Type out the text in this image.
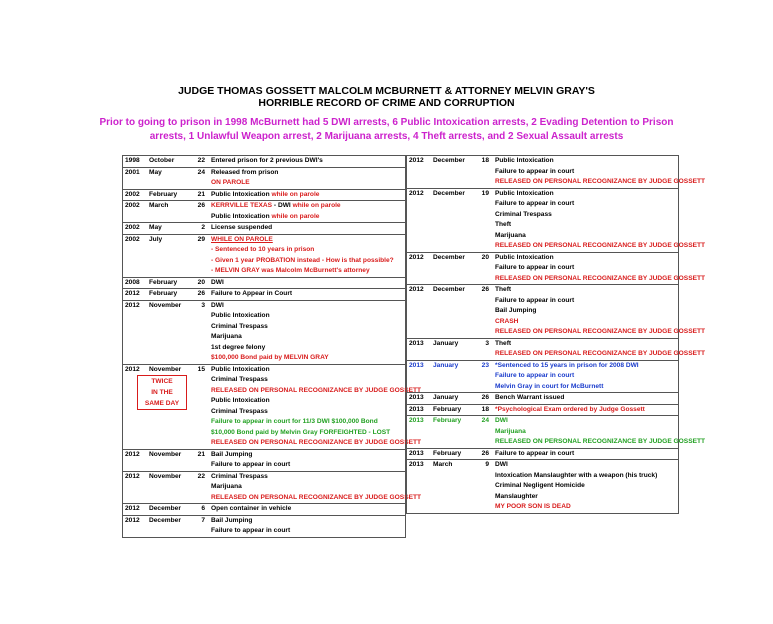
JUDGE THOMAS GOSSETT MALCOLM MCBURNETT & ATTORNEY MELVIN GRAY'S
HORRIBLE RECORD OF CRIME AND CORRUPTION
Prior to going to prison in 1998 McBurnett had 5 DWI arrests, 6 Public Intoxication arrests, 2 Evading Detention to Prison
arrests, 1 Unlawful Weapon arrest, 2 Marijuana arrests, 4 Theft arrests, and 2 Sexual Assault arrests
1998	October	22	Entered prison for 2 previous DWI's
2001	May	24	Released from prison
			ON PAROLE
2002	February	21	Public Intoxication while on parole
2002	March	26	KERRVILLE TEXAS - DWI while on parole
			Public Intoxication while on parole
2002	May	2	License suspended
2002	July	29	WHILE ON PAROLE
			- Sentenced to 10 years in prison
			- Given 1 year PROBATION instead - How is that possible?
			- MELVIN GRAY was Malcolm McBurnett's attorney
2008	February	20	DWI
2012	February	26	Failure to Appear in Court
2012	November	3	DWI
			Public Intoxication
			Criminal Trespass
			Marijuana
			1st degree felony
			$100,000 Bond paid by MELVIN GRAY
2012	November	15	Public Intoxication
			Criminal Trespass
			RELEASED ON PERSONAL RECOGNIZANCE BY JUDGE GOSSETT
			Public Intoxication
			Criminal Trespass
			Failure to appear in court for 11/3 DWI $100,000 Bond
			$10,000 Bond paid by Melvin Gray FORFEIGHTED - LOST
			RELEASED ON PERSONAL RECOGNIZANCE BY JUDGE GOSSETT
2012	November	21	Bail Jumping
			Failure to appear in court
2012	November	22	Criminal Trespass
			Marijuana
			RELEASED ON PERSONAL RECOGNIZANCE BY JUDGE GOSSETT
2012	December	6	Open container in vehicle
2012	December	7	Bail Jumping
			Failure to appear in court
2012	December	18	Public Intoxication
			Failure to appear in court
			RELEASED ON PERSONAL RECOGNIZANCE BY JUDGE GOSSETT
2012	December	19	Public Intoxication
			Failure to appear in court
			Criminal Trespass
			Theft
			Marijuana
			RELEASED ON PERSONAL RECOGNIZANCE BY JUDGE GOSSETT
2012	December	20	Public Intoxication
			Failure to appear in court
			RELEASED ON PERSONAL RECOGNIZANCE BY JUDGE GOSSETT
2012	December	26	Theft
			Failure to appear in court
			Bail Jumping
			CRASH
			RELEASED ON PERSONAL RECOGNIZANCE BY JUDGE GOSSETT
2013	January	3	Theft
			RELEASED ON PERSONAL RECOGNIZANCE BY JUDGE GOSSETT
2013	January	23	*Sentenced to 15 years in prison for 2008 DWI
			Failure to appear in court
			Melvin Gray in court for McBurnett
2013	January	26	Bench Warrant issued
2013	February	18	*Psychological Exam ordered by Judge Gossett
2013	February	24	DWI
			Marijuana
			RELEASED ON PERSONAL RECOGNIZANCE BY JUDGE GOSSETT
2013	February	26	Failure to appear in court
2013	March	9	DWI
			Intoxication Manslaughter with a weapon (his truck)
			Criminal Negligent Homicide
			Manslaughter
			MY POOR SON IS DEAD
TWICE
IN THE
SAME DAY
